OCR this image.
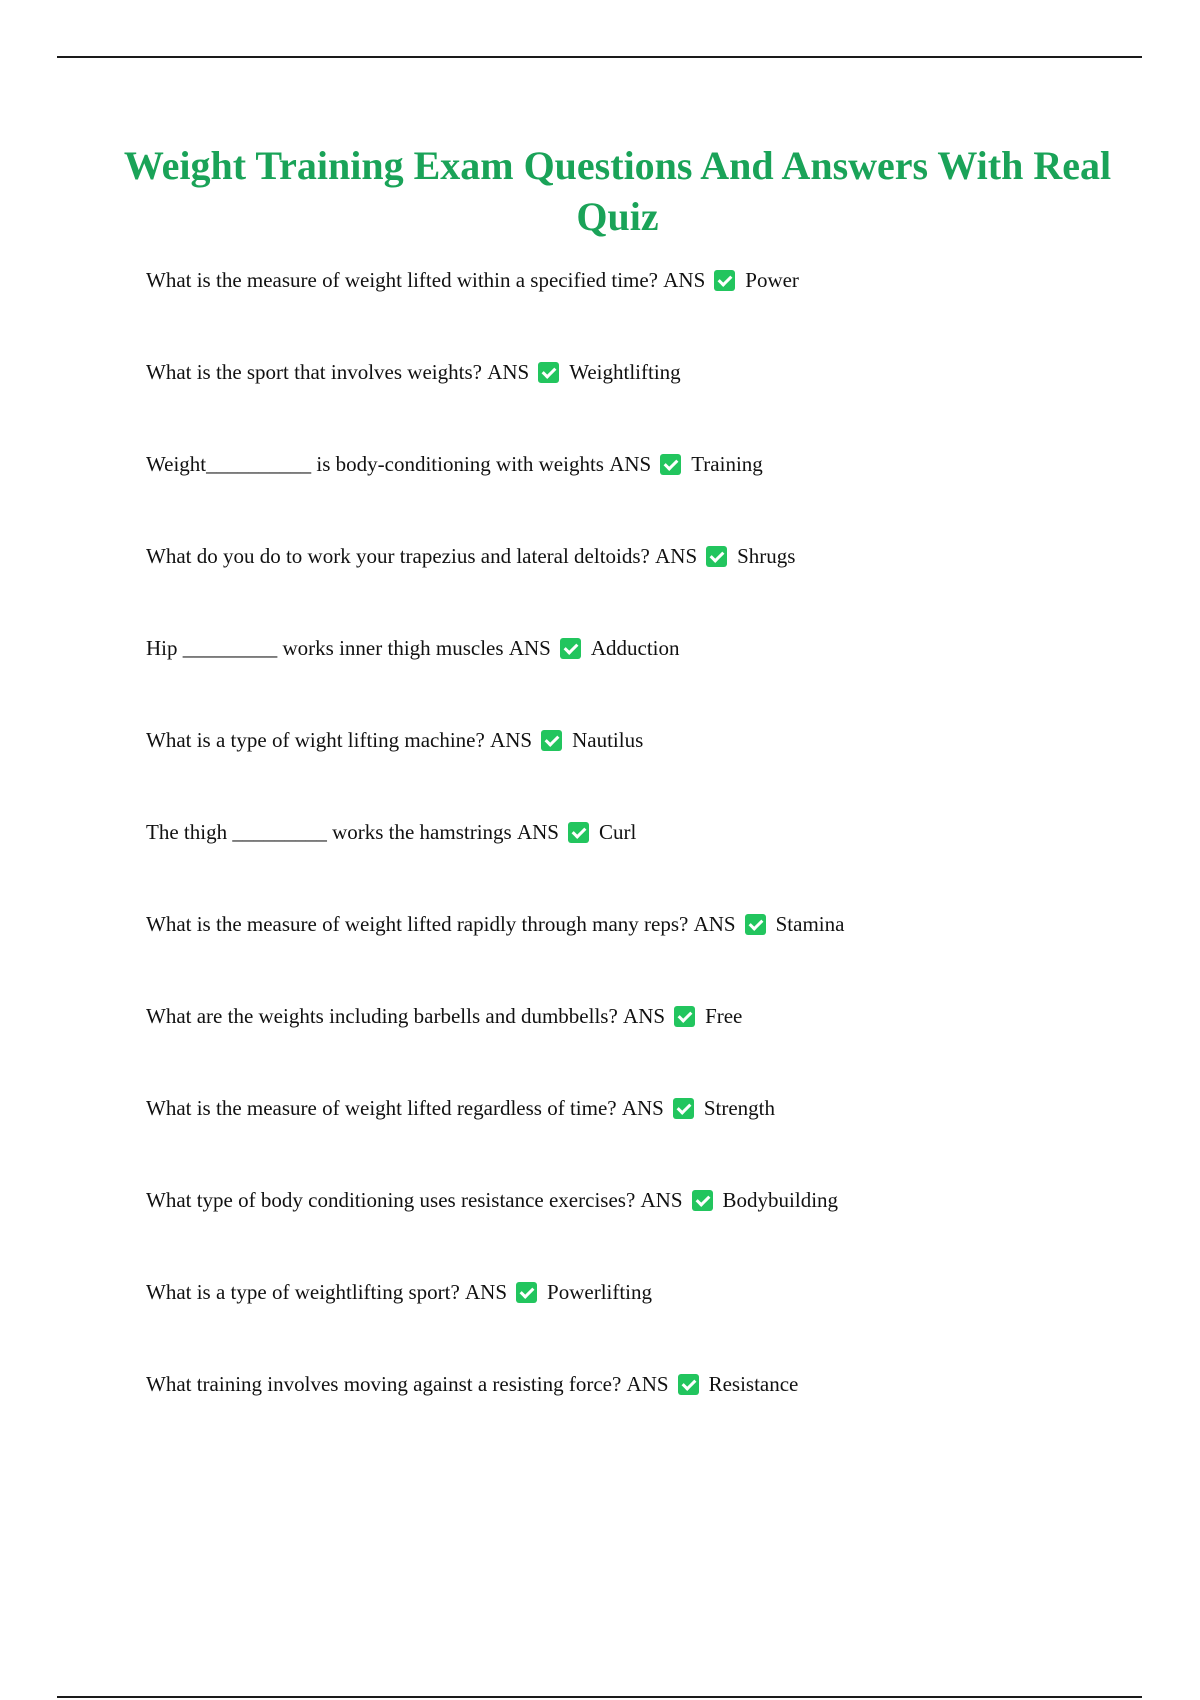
Weight Training Exam Questions And Answers With Real Quiz
What is the measure of weight lifted within a specified time? ANS Power
What is the sport that involves weights? ANS Weightlifting
Weight__________ is body-conditioning with weights ANS Training
What do you do to work your trapezius and lateral deltoids? ANS Shrugs
Hip _________ works inner thigh muscles ANS Adduction
What is a type of wight lifting machine? ANS Nautilus
The thigh _________ works the hamstrings ANS Curl
What is the measure of weight lifted rapidly through many reps? ANS Stamina
What are the weights including barbells and dumbbells? ANS Free
What is the measure of weight lifted regardless of time? ANS Strength
What type of body conditioning uses resistance exercises? ANS Bodybuilding
What is a type of weightlifting sport? ANS Powerlifting
What training involves moving against a resisting force? ANS Resistance
